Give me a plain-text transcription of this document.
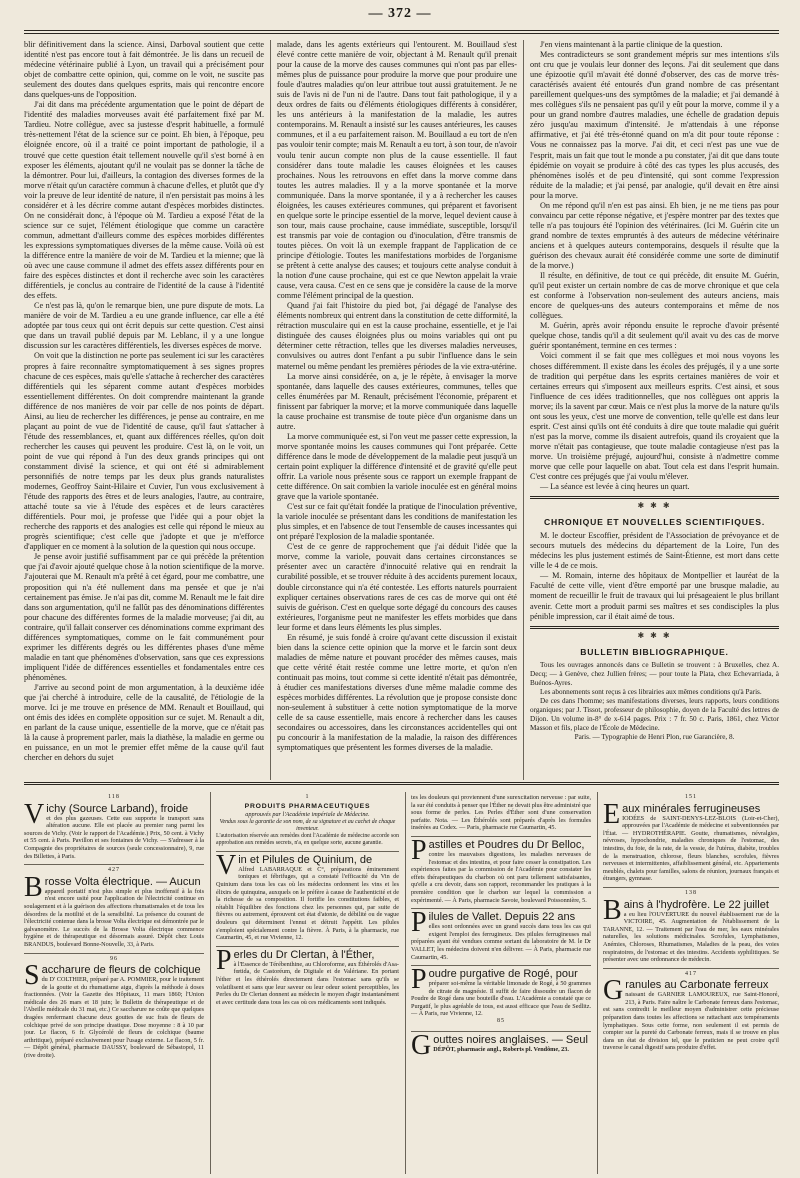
— 372 —

blir définitivement dans la science. Ainsi, Darboval soutient que cette identité n'est pas encore tout à fait démontrée. Je lis dans un recueil de médecine vétérinaire publié à Lyon, un travail qui a précisément pour objet de combattre cette opinion, qui, comme on le voit, ne suscite pas seulement des doutes dans quelques esprits, mais qui rencontre encore dans quelques-uns de l'opposition.

J'ai dit dans ma précédente argumentation que le point de départ de l'identité des maladies morveuses avait été parfaitement fixé par M. Tardieu. Notre collègue, avec sa justesse d'esprit habituelle, a formulé très-nettement l'état de la science sur ce point. Eh bien, à l'époque, peu éloignée encore, où il a traité ce point important de pathologie, il a trouvé que cette question était tellement nouvelle qu'il s'est borné à en exposer les éléments, ajoutant qu'il ne voulait pas se donner la tâche de la démontrer. Pour lui, d'ailleurs, la contagion des diverses formes de la morve n'était qu'un caractère commun à chacune d'elles, et plutôt que d'y voir la preuve de leur identité de nature, il n'en persistait pas moins à les considérer et à les décrire comme autant d'espèces morbides distinctes. On ne considérait donc, à l'époque où M. Tardieu a exposé l'état de la science sur ce sujet, l'élément étiologique que comme un caractère commun, admettant d'ailleurs comme des espèces morbides différentes les expressions symptomatiques diverses de la même cause. Voilà où est la différence entre la manière de voir de M. Tardieu et la mienne; que là où avec une cause commune il admet des effets assez différents pour en faire des espèces distinctes et dont il recherche avec soin les caractères différentiels, je conclus au contraire de l'identité de la cause à l'identité des effets.

Ce n'est pas là, qu'on le remarque bien, une pure dispute de mots. La manière de voir de M. Tardieu a eu une grande influence, car elle a été adoptée par tous ceux qui ont écrit depuis sur cette question. C'est ainsi que dans un travail publié depuis par M. Leblanc, il y a une longue discussion sur les caractères différentiels, les diverses espèces de morve.

On voit que la distinction ne porte pas seulement ici sur les caractères propres à faire reconnaître symptomatiquement à ses signes propres chacune de ces espèces, mais qu'elle s'attache à rechercher des caractères différentiels qui les séparent comme autant d'espèces morbides essentiellement différentes. On doit comprendre maintenant la grande différence de nos manières de voir par celle de nos points de départ. Ainsi, au lieu de rechercher les différences, je pense au contraire, en me plaçant au point de vue de l'identité de cause, qu'il faut s'attacher à l'étude des ressemblances, et, quant aux différences réelles, qu'on doit rechercher les causes qui peuvent les produire. C'est là, on le voit, un point de vue qui répond à l'un des deux grands principes qui ont constamment divisé la science, et qui ont été si admirablement personnifiés de notre temps par les deux plus grands naturalistes modernes, Geoffroy Saint-Hilaire et Cuvier, l'un vous exclusivement à l'étude des rapports des êtres et de leurs analogies, l'autre, au contraire, attaché toute sa vie à l'étude des espèces et de leurs caractères différentiels. Pour moi, je professe que l'idée qui a pour objet la recherche des rapports et des analogies est celle qui répond le mieux au progrès scientifique; c'est celle que j'adopte et que je m'efforce d'appliquer en ce moment à la solution de la question qui nous occupe.

Je pense avoir justifié suffisamment par ce qui précède la prétention que j'ai d'avoir ajouté quelque chose à la notion scientifique de la morve. J'ajouterai que M. Renault m'a prêté à cet égard, pour me combattre, une proposition qui n'a été nullement dans ma pensée et que je n'ai certainement pas émise. Je n'ai pas dit, comme M. Renault me le fait dire dans son argumentation, qu'il ne fallût pas des dénominations différentes pour chacune des différentes formes de la maladie morveuse; j'ai dit, au contraire, qu'il fallait conserver ces dénominations comme exprimant des différences symptomatiques, comme on le fait communément pour exprimer les différents degrés ou les différentes phases d'une même maladie en tant que phénomènes d'observation, sans que ces expressions impliquent l'idée de différences essentielles et fondamentales entre ces phénomènes.

J'arrive au second point de mon argumentation, à la deuxième idée que j'ai cherché à introduire, celle de la causalité, de l'étiologie de la morve. Ici je me trouve en présence de MM. Renault et Bouillaud, qui ont émis des idées en complète opposition sur ce sujet. M. Renault a dit, en parlant de la cause unique, essentielle de la morve, que ce n'était pas là la cause à proprement parler, mais la diathèse, la maladie en germe ou en puissance, en un mot le premier effet même de la cause qu'il faut chercher en dehors du sujet

malade, dans les agents extérieurs qui l'entourent. M. Bouillaud s'est élevé contre cette manière de voir, objectant à M. Renault qu'il prenait pour la cause de la morve des causes communes qui n'ont pas par elles-mêmes plus de puissance pour produire la morve que pour produire une foule d'autres maladies qu'on leur attribue tout aussi gratuitement. Je ne suis de l'avis ni de l'un ni de l'autre. Dans tout fait pathologique, il y a deux ordres de faits ou d'éléments étiologiques différents à considérer, les uns antérieurs à la manifestation de la maladie, les autres contemporains. M. Renault a insisté sur les causes antérieures, les causes communes, et il a eu parfaitement raison. M. Bouillaud a eu tort de n'en pas vouloir tenir compte; mais M. Renault a eu tort, à son tour, de n'avoir voulu tenir aucun compte non plus de la cause essentielle. Il faut considérer dans toute maladie les causes éloignées et les causes prochaines. Nous les retrouvons en effet dans la morve comme dans toutes les autres maladies. Il y a la morve spontanée et la morve communiquée. Dans la morve spontanée, il y a à rechercher les causes éloignées, les causes extérieures communes, qui préparent et favorisent en quelque sorte le principe essentiel de la morve, lequel devient cause à son tour, mais cause prochaine, cause immédiate, susceptible, lorsqu'il est transmis par voie de contagion ou d'inoculation, d'être transmis de toutes pièces. On voit là un exemple frappant de l'application de ce principe d'étiologie. Toutes les manifestations morbides de l'organisme se prêtent à cette analyse des causes; et toujours cette analyse conduit à la notion d'une cause prochaine, qui est ce que Newton appelait la vraie cause, vera causa. C'est en ce sens que je considère la cause de la morve comme l'élément principal de la question.

Quand j'ai fait l'histoire du pied bot, j'ai dégagé de l'analyse des éléments nombreux qui entrent dans la constitution de cette difformité, la rétraction musculaire qui en est la cause prochaine, essentielle, et je l'ai distinguée des causes éloignées plus ou moins variables qui ont pu déterminer cette rétraction, telles que les diverses maladies nerveuses, convulsives ou autres dont l'enfant a pu subir l'influence dans le sein maternel ou même pendant les premières périodes de la vie extra-utérine.

La morve ainsi considérée, on a, je le répète, à envisager la morve spontanée, dans laquelle des causes extérieures, communes, telles que celles énumérées par M. Renault, précisément l'économie, préparent et finissent par fabriquer la morve; et la morve communiquée dans laquelle la cause prochaine est transmise de toute pièce d'un organisme dans un autre.

La morve communiquée est, si l'on veut me passer cette expression, la morve spontanée moins les causes communes qui l'ont préparée. Cette différence dans le mode de développement de la maladie peut jusqu'à un certain point expliquer la différence d'intensité et de gravité qu'elle peut offrir. La variole nous présente sous ce rapport un exemple frappant de cette différence. On sait combien la variole inoculée est en général moins grave que la variole spontanée.

C'est sur ce fait qu'était fondée la pratique de l'inoculation préventive, la variole inoculée se présentant dans les conditions de manifestation les plus simples, et en l'absence de tout l'ensemble de causes incessantes qui ont préparé l'explosion de la maladie spontanée.

C'est de ce genre de rapprochement que j'ai déduit l'idée que la morve, comme la variole, pouvait dans certaines circonstances se présenter avec un caractère d'innocuité relative qui en rendrait la curabilité possible, et se trouver réduite à des accidents purement locaux, double circonstance qui n'a été contestée. Les efforts naturels pourraient expliquer certaines observations rares de ces cas de morve qui ont été suivis de guérison. C'est en quelque sorte dégagé du concours des causes extérieures, l'organisme peut ne manifester les effets morbides que dans leur forme et dans leurs éléments les plus simples.

En résumé, je suis fondé à croire qu'avant cette discussion il existait bien dans la science cette opinion que la morve et le farcin sont deux maladies de même nature et pouvant procéder des mêmes causes, mais que cette vérité était restée comme une lettre morte, et qu'on n'en continuait pas moins, tout comme si cette identité n'était pas démontrée, à étudier ces manifestations diverses d'une même maladie comme des espèces morbides différentes. La révolution que je propose consiste donc non-seulement à substituer à cette notion symptomatique de la morve celle de sa cause essentielle, mais encore à rechercher dans les causes secondaires ou accessoires, dans les circonstances accidentelles qui ont pu concourir à la manifestation de la maladie, la raison des différences symptomatiques que présentent les formes diverses de la maladie.

J'en viens maintenant à la partie clinique de la question.

Mes contradicteurs se sont grandement mépris sur mes intentions s'ils ont cru que je voulais leur donner des leçons. J'ai dit seulement que dans une épizootie qu'il m'avait été donné d'observer, des cas de morve très-caractérisés avaient été entourés d'un grand nombre de cas présentant pareillement quelques-uns des symptômes de la maladie; et j'ai demandé à mes collègues s'ils ne pensaient pas qu'il y eût pour la morve, comme il y a pour un grand nombre d'autres maladies, une échelle de gradation depuis zéro jusqu'au maximum d'intensité. Je m'attendais à une réponse affirmative, et j'ai été très-étonné quand on m'a dit pour toute réponse : Vous ne connaissez pas la morve. J'ai dit, et ceci n'est pas une vue de l'esprit, mais un fait que tout le monde a pu constater, j'ai dit que dans toute épidémie on voyait se produire à côté des cas types les plus accusés, des phénomènes isolés et de peu d'intensité, qui sont comme l'expression réduite de la maladie; et j'ai pensé, par analogie, qu'il devait en être ainsi pour la morve.

On me répond qu'il n'en est pas ainsi. Eh bien, je ne me tiens pas pour convaincu par cette réponse négative, et j'espère montrer par des textes que telle n'a pas toujours été l'opinion des vétérinaires. (Ici M. Guérin cite un grand nombre de textes empruntés à des auteurs de médecine vétérinaire anciens et à quelques auteurs contemporains, desquels il résulte que la guérison des chevaux aurait été considérée comme une sorte de diminutif de la morve.)

Il résulte, en définitive, de tout ce qui précède, dit ensuite M. Guérin, qu'il peut exister un certain nombre de cas de morve chronique et que cela est conforme à l'observation non-seulement des auteurs anciens, mais encore de quelques-uns des auteurs contemporains et même de nos collègues.

M. Guérin, après avoir répondu ensuite le reproche d'avoir présenté quelque chose, tandis qu'il a dit seulement qu'il avait vu des cas de morve guérir spontanément, termine en ces termes :

Voici comment il se fait que mes collègues et moi nous voyons les choses différemment. Il existe dans les écoles des préjugés, il y a une sorte de tradition qui perpétue dans les esprits certaines manières de voir et certaines erreurs qui s'imposent aux meilleurs esprits. C'est ainsi, et sous l'influence de ces idées traditionnelles, que nos collègues ont appris la morve; ils la savent par cœur. Mais ce n'est plus la morve de la nature qu'ils ont sous les yeux, c'est une morve de convention, telle qu'elle est dans leur esprit. C'est ainsi qu'ils ont été conduits à dire que toute maladie qui guérit n'est pas la morve, comme ils disaient autrefois, quand ils croyaient que la morve n'était pas contagieuse, que toute maladie contagieuse n'est pas la morve. Un troisième préjugé, aujourd'hui, consiste à n'admettre comme morve que celle pour laquelle on abat. Tout cela est dans l'esprit humain. C'est contre ces préjugés que j'ai voulu m'élever.

— La séance est levée à cinq heures un quart.

✱ ✱ ✱
CHRONIQUE ET NOUVELLES SCIENTIFIQUES.

M. le docteur Escoffier, président de l'Association de prévoyance et de secours mutuels des médecins du département de la Loire, l'un des médecins les plus justement estimés de Saint-Étienne, est mort dans cette ville le 4 de ce mois.

— M. Romain, interne des hôpitaux de Montpellier et lauréat de la Faculté de cette ville, vient d'être emporté par une brusque maladie, au moment de recueillir le fruit de travaux qui lui présageaient le plus brillant avenir. Cette mort a produit parmi ses maîtres et ses condisciples la plus pénible impression, car il était aimé de tous.

✱ ✱ ✱
BULLETIN BIBLIOGRAPHIQUE.

Tous les ouvrages annoncés dans ce Bulletin se trouvent : à Bruxelles, chez A. Decq; — à Genève, chez Jullien frères; — pour toute la Plata, chez Echevarriada, à Buénos-Ayres.

Les abonnements sont reçus à ces librairies aux mêmes conditions qu'à Paris.

De ces dans l'homme; ses manifestations diverses, leurs rapports, leurs conditions organiques; par J. Tissot, professeur de philosophie, doyen de la Faculté des lettres de Dijon. Un volume in-8° de x-614 pages. Prix : 7 fr. 50 c. Paris, 1861, chez Victor Masson et fils, place de l'École de Médecine.

Paris. — Typographie de Henri Plon, rue Garancière, 8.

118
V ichy (Source Larband), froide
et des plus gazeuses. Cette eau supporte le transport sans altération aucune. Elle est placée au premier rang parmi les sources de Vichy. (Voir le rapport de l'Académie.) Prix, 50 cent. à Vichy et 55 cent. à Paris. Pavillon et ses fontaines de Vichy. — S'adresser à la Compagnie des propriétaires de sources (seule concessionnaire), 9, rue des Billettes, à Paris.
427
B rosse Volta électrique. — Aucun
appareil portatif n'est plus simple et plus inoffensif à la fois n'est encore usité pour l'application de l'électricité continue en soulagement et à la guérison des affections rhumatismales et de tous les désordres de la motilité et de la sensibilité. La présence du courant de l'électricité contenue dans la brosse Volta électrique est démontrée par le galvanomètre. Le succès de la Brosse Volta électrique commence hygiène et de thérapeutique est désormais assuré. Dépôt chez Louis BRANDUS, boulevard Bonne-Nouvelle, 33, à Paris.
96
S accharure de fleurs de colchique
du D' COLTHIER, préparé par A. POMMIER, pour le traitement de la goutte et du rhumatisme aigu, d'après la méthode à doses fractionnées. (Voir la Gazette des Hôpitaux, 11 mars 1860; l'Union médicale des 26 mars et 18 juin; le Bulletin de thérapeutique et de l'Abeille médicale du 31 mai, etc.) Ce saccharure ne coûte que quelques dragées renfermant chacune deux gouttes de suc frais de fleurs de colchique privé de son principe drastique. Dose moyenne : 8 à 10 par jour. Le flacon, 6 fr. Glycérolé de fleurs de colchique (baume arthritique), préparé exclusivement pour l'usage externe. Le flacon, 5 fr. — Dépôt général, pharmacie DAUSSY, boulevard de Sébastopol, 11 (rive droite).
1
PRODUITS PHARMACEUTIQUES
approuvés par l'Académie impériale de Médecine.
Vendus sous la garantie de son nom, de sa signature et au cachet de chaque inventeur.
L'autorisation réservée aux remèdes dont l'Académie de médecine accorde son approbation aux remèdes secrets, n'a, en quelque sorte, aucune garantie.
V in et Pilules de Quinium, de
Alfred LABARRAQUE et C°, préparations éminemment toniques et fébrifuges, qui a constaté l'efficacité du Vin de Quinium dans tous les cas où les médecins ordonnent les vins et les élixirs de quinquina, auxquels on le préfère à cause de l'authenticité et de la richesse de sa composition. Il fortifie les constitutions faibles, et rétablit l'équilibre des fonctions chez les personnes qui, par suite de fièvres ou autrement, éprouvent cet état d'atonie, de débilité ou de vague douleurs qui déterminent l'ennui et détruit l'appétit. Les pilules s'emploient spécialement contre la fièvre. À Paris, à la pharmacie, rue Caumartin, 45, et rue Vivienne, 12.
P erles du Dr Clertan, à l'Éther,
à l'Essence de Térébenthine, au Chloroforme, aux Éthérolés d'Asa-fœtida, de Castoréum, de Digitale et de Valériane. En portant l'éther et les éthérolés directement dans l'estomac sans qu'ils se volatilisent et sans que leur saveur ou leur odeur soient perceptibles, les Perles du Dr Clertan donnent au médecin le moyen d'agir instantanément et avec certitude dans tous les cas où ces médicaments sont indiqués.
tes les douleurs qui proviennent d'une surexcitation nerveuse : par suite, la sur été conduits à penser que l'Éther ne devait plus être administré que sous forme de perles. Les Perles d'Éther sont d'une conservation parfaite. Nota. — Les Éthérolés sont préparés d'après les formules insérées au Codex. — Paris, pharmacie rue Caumartin, 45.
P astilles et Poudres du Dr Belloc,
contre les mauvaises digestions, les maladies nerveuses de l'estomac et des intestins, et pour faire cesser la constipation. Les expériences faites par la commission de l'Académie pour constater les effets thérapeutiques du charbon où ont paru tellement satisfaisantes, qu'elle a cru devoir, dans son rapport, recommander les pratiques à la première condition que le charbon sur lequel la commission a expérimenté. — À Paris, pharmacie Savoie, boulevard Poissonnière, 5.
P ilules de Vallet. Depuis 22 ans
elles sont ordonnées avec un grand succès dans tous les cas qui exigent l'emploi des ferrugineux. Des pilules ferrugineuses mal préparées ayant été vendues comme sortant du laboratoire de M. le Dr VALLET, les médecins doivent n'en délivrer. — À Paris, pharmacie rue Caumartin, 45.
P oudre purgative de Rogé, pour
préparer soi-même la véritable limonade de Rogé, à 50 grammes de citrate de magnésie. Il suffit de faire dissoudre un flacon de Poudre de Rogé dans une bouteille d'eau. L'Académie a constaté que ce Purgatif, le plus agréable de tous, est aussi efficace que l'eau de Sedlitz. — À Paris, rue Vivienne, 12.
85
G outtes noires anglaises. — Seul
DÉPÔT, pharmacie angl., Roberts pl. Vendôme, 23.
151
E aux minérales ferrugineuses
IODÉES de SAINT-DENYS-LEZ-BLOIS (Loir-et-Cher), approuvées par l'Académie de médecine et subventionnées par l'État. — HYDROTHÉRAPIE. Goutte, rhumatismes, névralgies, névroses, hypochondrie, maladies chroniques de l'estomac, des intestins, du foie, de la rate, de la vessie, de l'utérus, diabète, troubles de la menstruation, chlorose, fleurs blanches, scrofules, fièvres nerveuses et intermittentes, affaiblissement général, etc. Appartements meublés, chalets pour familles, salons de réunion, journaux français et étrangers, gymnase.
138
B ains à l'hydrofère. Le 22 juillet
a eu lieu l'OUVERTURE du nouvel établissement rue de la VICTOIRE, 45. Augmentation de l'établissement de la TARANNE, 12. — Traitement par l'eau de mer, les eaux minérales naturelles, les solutions médicinales. Scrofules, Lymphatismes, Anémies, Chloroses, Rhumatismes, Maladies de la peau, des voies respiratoires, de l'estomac et des intestins. Accidents syphilitiques. Se présenter avec une ordonnance de médecin.
417
G ranules au Carbonate ferreux
naissant de GARNIER LAMOUREUX, rue Saint-Honoré, 213, à Paris. Faire naître le Carbonate ferreux dans l'estomac, est sans contredit le meilleur moyen d'administrer cette précieuse préparation dans toutes les affections se rattachant aux tempéraments lymphatiques. Sous cette forme, non seulement il est permis de compter sur la pureté du Carbonate ferreux, mais il se trouve en plus dans un état de division tel, que le praticien ne peut croire qu'il traverse le canal digestif sans produire d'effet.
